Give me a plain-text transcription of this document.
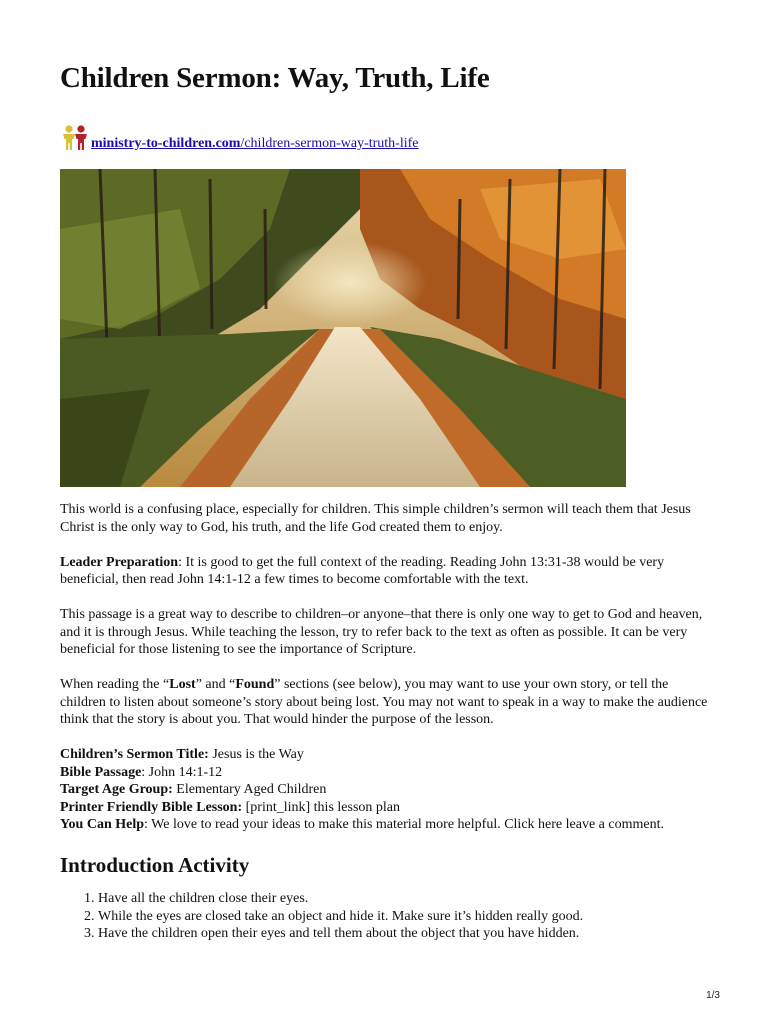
Children Sermon: Way, Truth, Life
ministry-to-children.com/children-sermon-way-truth-life

This world is a confusing place, especially for children. This simple children’s sermon will teach them that Jesus Christ is the only way to God, his truth, and the life God created them to enjoy.

Leader Preparation: It is good to get the full context of the reading. Reading John 13:31-38 would be very beneficial, then read John 14:1-12 a few times to become comfortable with the text.

This passage is a great way to describe to children–or anyone–that there is only one way to get to God and heaven, and it is through Jesus. While teaching the lesson, try to refer back to the text as often as possible. It can be very beneficial for those listening to see the importance of Scripture.

When reading the “Lost” and “Found” sections (see below), you may want to use your own story, or tell the children to listen about someone’s story about being lost. You may not want to speak in a way to make the audience think that the story is about you. That would hinder the purpose of the lesson.

Children’s Sermon Title: Jesus is the Way
Bible Passage: John 14:1-12
Target Age Group: Elementary Aged Children
Printer Friendly Bible Lesson: [print_link] this lesson plan
You Can Help: We love to read your ideas to make this material more helpful. Click here leave a comment.
Introduction Activity
1. Have all the children close their eyes.
2. While the eyes are closed take an object and hide it. Make sure it’s hidden really good.
3. Have the children open their eyes and tell them about the object that you have hidden.
1/3
